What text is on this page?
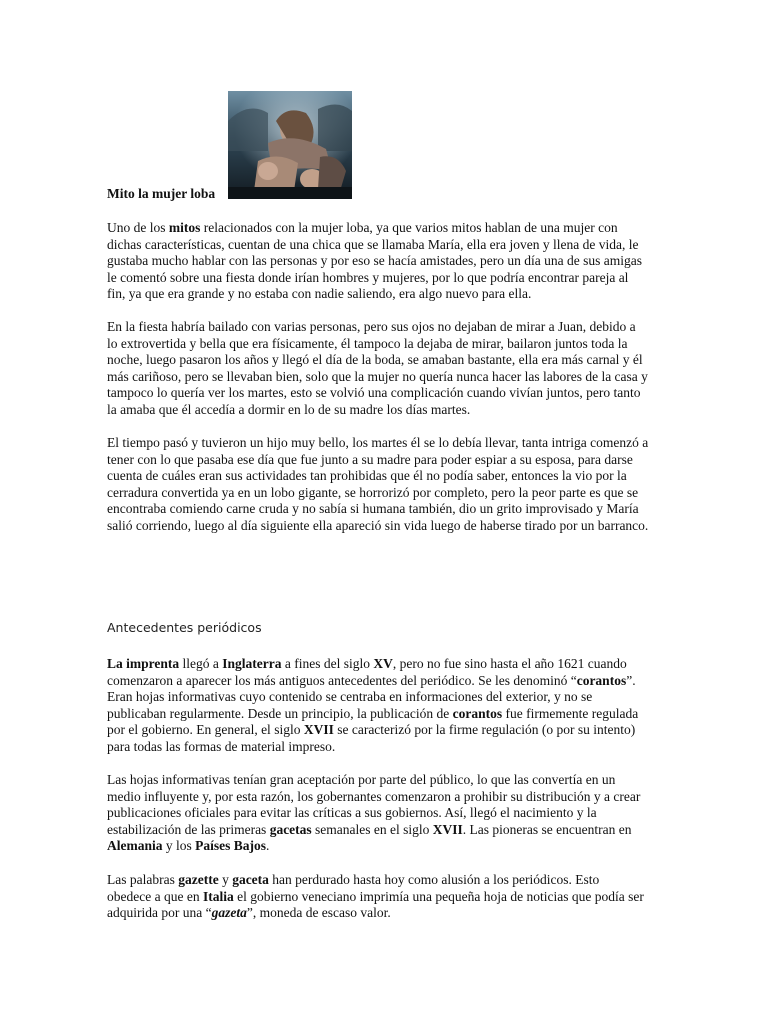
Mito la mujer loba

Uno de los mitos relacionados con la mujer loba, ya que varios mitos hablan de una mujer con
dichas características, cuentan de una chica que se llamaba María, ella era joven y llena de vida, le
gustaba mucho hablar con las personas y por eso se hacía amistades, pero un día una de sus amigas
le comentó sobre una fiesta donde irían hombres y mujeres, por lo que podría encontrar pareja al
fin, ya que era grande y no estaba con nadie saliendo, era algo nuevo para ella.

En la fiesta habría bailado con varias personas, pero sus ojos no dejaban de mirar a Juan, debido a
lo extrovertida y bella que era físicamente, él tampoco la dejaba de mirar, bailaron juntos toda la
noche, luego pasaron los años y llegó el día de la boda, se amaban bastante, ella era más carnal y él
más cariñoso, pero se llevaban bien, solo que la mujer no quería nunca hacer las labores de la casa y
tampoco lo quería ver los martes, esto se volvió una complicación cuando vivían juntos, pero tanto
la amaba que él accedía a dormir en lo de su madre los días martes.

El tiempo pasó y tuvieron un hijo muy bello, los martes él se lo debía llevar, tanta intriga comenzó a
tener con lo que pasaba ese día que fue junto a su madre para poder espiar a su esposa, para darse
cuenta de cuáles eran sus actividades tan prohibidas que él no podía saber, entonces la vio por la
cerradura convertida ya en un lobo gigante, se horrorizó por completo, pero la peor parte es que se
encontraba comiendo carne cruda y no sabía si humana también, dio un grito improvisado y María
salió corriendo, luego al día siguiente ella apareció sin vida luego de haberse tirado por un barranco.

Antecedentes periódicos

La imprenta llegó a Inglaterra a fines del siglo XV, pero no fue sino hasta el año 1621 cuando
comenzaron a aparecer los más antiguos antecedentes del periódico. Se les denominó “corantos”.
Eran hojas informativas cuyo contenido se centraba en informaciones del exterior, y no se
publicaban regularmente. Desde un principio, la publicación de corantos fue firmemente regulada
por el gobierno. En general, el siglo XVII se caracterizó por la firme regulación (o por su intento)
para todas las formas de material impreso.

Las hojas informativas tenían gran aceptación por parte del público, lo que las convertía en un
medio influyente y, por esta razón, los gobernantes comenzaron a prohibir su distribución y a crear
publicaciones oficiales para evitar las críticas a sus gobiernos. Así, llegó el nacimiento y la
estabilización de las primeras gacetas semanales en el siglo XVII. Las pioneras se encuentran en
Alemania y los Países Bajos.

Las palabras gazette y gaceta han perdurado hasta hoy como alusión a los periódicos. Esto
obedece a que en Italia el gobierno veneciano imprimía una pequeña hoja de noticias que podía ser
adquirida por una “gazeta”, moneda de escaso valor.
